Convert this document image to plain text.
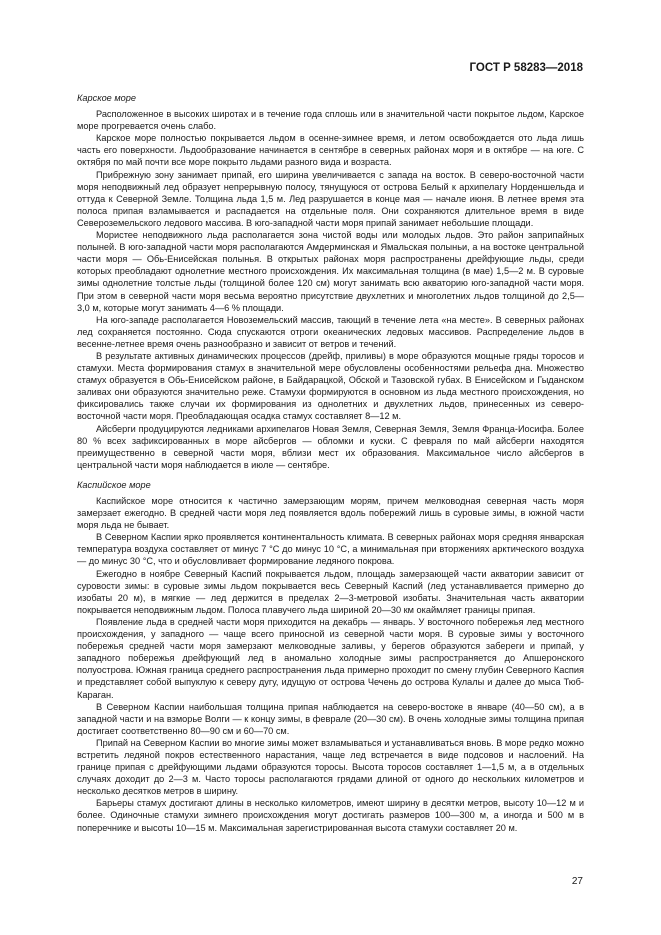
ГОСТ Р 58283—2018
Карское море

Расположенное в высоких широтах и в течение года сплошь или в значительной части покрытое льдом, Карское море прогревается очень слабо.

Карское море полностью покрывается льдом в осенне-зимнее время, и летом освобождается ото льда лишь часть его поверхности. Льдообразование начинается в сентябре в северных районах моря и в октябре — на юге. С октября по май почти все море покрыто льдами разного вида и возраста.

Прибрежную зону занимает припай, его ширина увеличивается с запада на восток. В северо-восточной части моря неподвижный лед образует непрерывную полосу, тянущуюся от острова Белый к архипелагу Норденшельда и оттуда к Северной Земле. Толщина льда 1,5 м. Лед разрушается в конце мая — начале июня. В летнее время эта полоса припая взламывается и распадается на отдельные поля. Они сохраняются длительное время в виде Североземельского ледового массива. В юго-западной части моря припай занимает небольшие площади.

Мористее неподвижного льда располагается зона чистой воды или молодых льдов. Это район заприпайных полыней. В юго-западной части моря располагаются Амдерминская и Ямальская полыньи, а на востоке центральной части моря — Обь-Енисейская полынья. В открытых районах моря распространены дрейфующие льды, среди которых преобладают однолетние местного происхождения. Их максимальная толщина (в мае) 1,5—2 м. В суровые зимы однолетние толстые льды (толщиной более 120 см) могут занимать всю акваторию юго-западной части моря. При этом в северной части моря весьма вероятно присутствие двухлетних и многолетних льдов толщиной до 2,5—3,0 м, которые могут занимать 4—6 % площади.

На юго-западе располагается Новоземельский массив, тающий в течение лета «на месте». В северных районах лед сохраняется постоянно. Сюда спускаются отроги океанических ледовых массивов. Распределение льдов в весенне-летнее время очень разнообразно и зависит от ветров и течений.

В результате активных динамических процессов (дрейф, приливы) в море образуются мощные гряды торосов и стамухи. Места формирования стамух в значительной мере обусловлены особенностями рельефа дна. Множество стамух образуется в Обь-Енисейском районе, в Байдарацкой, Обской и Тазовской губах. В Енисейском и Гыданском заливах они образуются значительно реже. Стамухи формируются в основном из льда местного происхождения, но фиксировались также случаи их формирования из однолетних и двухлетних льдов, принесенных из северо-восточной части моря. Преобладающая осадка стамух составляет 8—12 м.

Айсберги продуцируются ледниками архипелагов Новая Земля, Северная Земля, Земля Франца-Иосифа. Более 80 % всех зафиксированных в море айсбергов — обломки и куски. С февраля по май айсберги находятся преимущественно в северной части моря, вблизи мест их образования. Максимальное число айсбергов в центральной части моря наблюдается в июле — сентябре.

Каспийское море

Каспийское море относится к частично замерзающим морям, причем мелководная северная часть моря замерзает ежегодно. В средней части моря лед появляется вдоль побережий лишь в суровые зимы, в южной части моря льда не бывает.

В Северном Каспии ярко проявляется континентальность климата. В северных районах моря средняя январская температура воздуха составляет от минус 7 °С до минус 10 °С, а минимальная при вторжениях арктического воздуха — до минус 30 °С, что и обусловливает формирование ледяного покрова.

Ежегодно в ноябре Северный Каспий покрывается льдом, площадь замерзающей части акватории зависит от суровости зимы: в суровые зимы льдом покрывается весь Северный Каспий (лед устанавливается примерно до изобаты 20 м), в мягкие — лед держится в пределах 2—3-метровой изобаты. Значительная часть акватории покрывается неподвижным льдом. Полоса плавучего льда шириной 20—30 км окаймляет границы припая.

Появление льда в средней части моря приходится на декабрь — январь. У восточного побережья лед местного происхождения, у западного — чаще всего приносной из северной части моря. В суровые зимы у восточного побережья средней части моря замерзают мелководные заливы, у берегов образуются забереги и припай, у западного побережья дрейфующий лед в аномально холодные зимы распространяется до Апшеронского полуострова. Южная граница среднего распространения льда примерно проходит по смену глубин Северного Каспия и представляет собой выпуклую к северу дугу, идущую от острова Чечень до острова Кулалы и далее до мыса Тюб-Караган.

В Северном Каспии наибольшая толщина припая наблюдается на северо-востоке в январе (40—50 см), а в западной части и на взморье Волги — к концу зимы, в феврале (20—30 см). В очень холодные зимы толщина припая достигает соответственно 80—90 см и 60—70 см.

Припай на Северном Каспии во многие зимы может взламываться и устанавливаться вновь. В море редко можно встретить ледяной покров естественного нарастания, чаще лед встречается в виде подсовов и наслоений. На границе припая с дрейфующими льдами образуются торосы. Высота торосов составляет 1—1,5 м, а в отдельных случаях доходит до 2—3 м. Часто торосы располагаются грядами длиной от одного до нескольких километров и несколько десятков метров в ширину.

Барьеры стамух достигают длины в несколько километров, имеют ширину в десятки метров, высоту 10—12 м и более. Одиночные стамухи зимнего происхождения могут достигать размеров 100—300 м, а иногда и 500 м в поперечнике и высоты 10—15 м. Максимальная зарегистрированная высота стамухи составляет 20 м.

27
